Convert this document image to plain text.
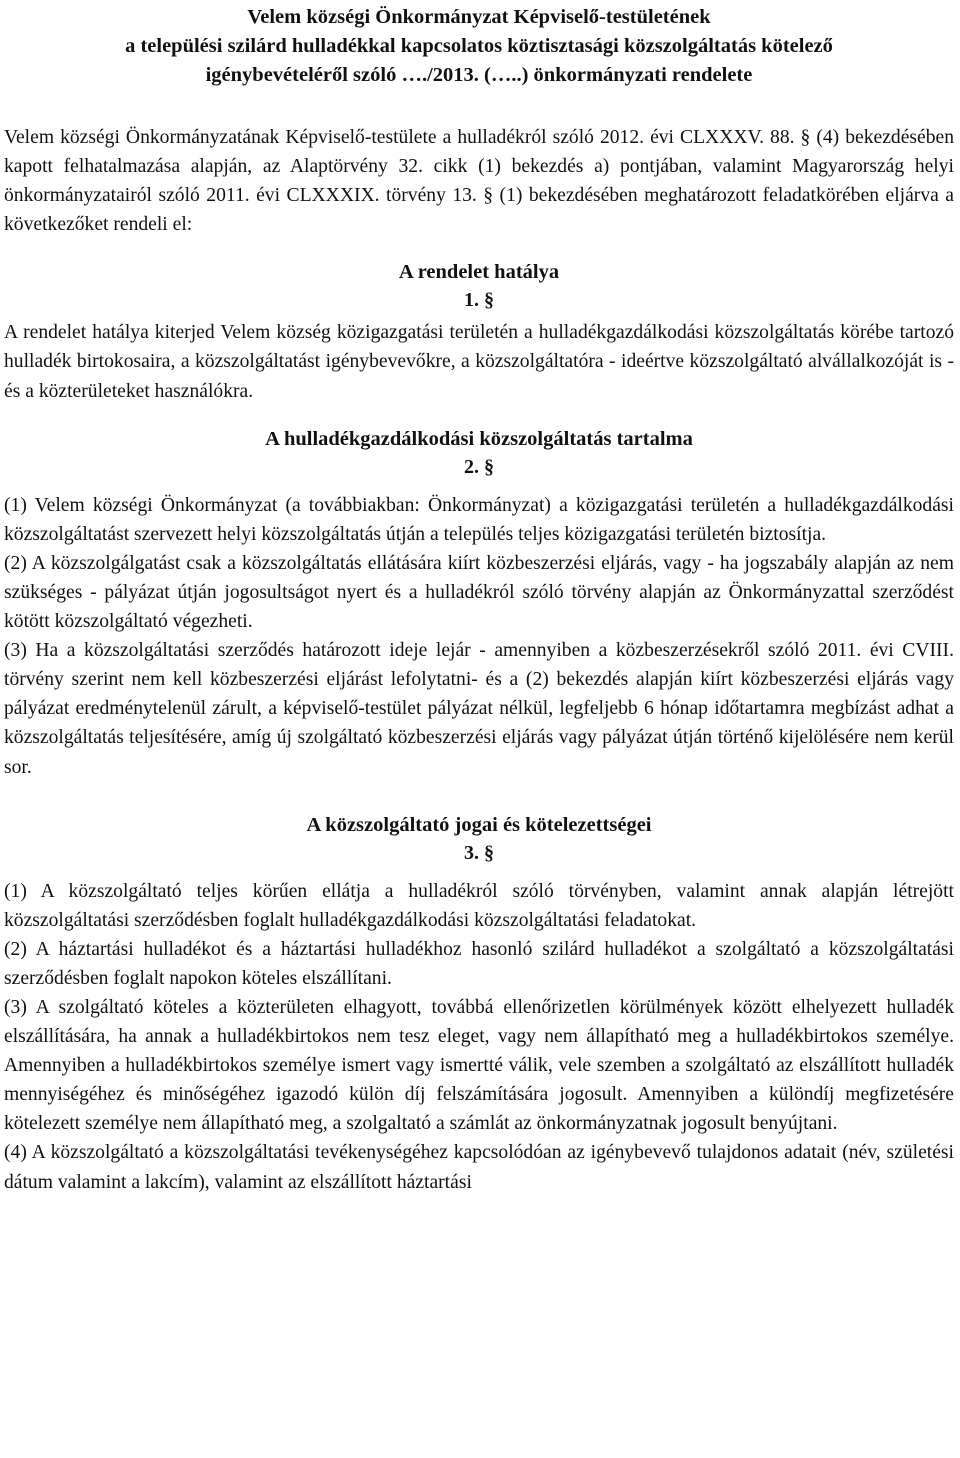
Velem községi Önkormányzat Képviselő-testületének

a települési szilárd hulladékkal kapcsolatos köztisztasági közszolgáltatás kötelező

igénybevételéről szóló …./2013. (…..) önkormányzati rendelete

Velem községi Önkormányzatának Képviselő-testülete a hulladékról szóló 2012. évi CLXXXV. 88. § (4) bekezdésében kapott felhatalmazása alapján, az Alaptörvény 32. cikk (1) bekezdés a) pontjában, valamint Magyarország helyi önkormányzatairól szóló 2011. évi CLXXXIX. törvény 13. § (1) bekezdésében meghatározott feladatkörében eljárva a következőket rendeli el:

A rendelet hatálya

1. §

A rendelet hatálya kiterjed Velem község közigazgatási területén a hulladékgazdálkodási közszolgáltatás körébe tartozó hulladék birtokosaira, a közszolgáltatást igénybevevőkre, a közszolgáltatóra - ideértve közszolgáltató alvállalkozóját is - és a közterületeket használókra.

A hulladékgazdálkodási közszolgáltatás tartalma

2. §

(1) Velem községi Önkormányzat (a továbbiakban: Önkormányzat) a közigazgatási területén a hulladékgazdálkodási közszolgáltatást szervezett helyi közszolgáltatás útján a település teljes közigazgatási területén biztosítja.

(2) A közszolgálgatást csak a közszolgáltatás ellátására kiírt közbeszerzési eljárás, vagy - ha jogszabály alapján az nem szükséges - pályázat útján jogosultságot nyert és a hulladékról szóló törvény alapján az Önkormányzattal szerződést kötött közszolgáltató végezheti.

(3) Ha a közszolgáltatási szerződés határozott ideje lejár - amennyiben a közbeszerzésekről szóló 2011. évi CVIII. törvény szerint nem kell közbeszerzési eljárást lefolytatni- és a (2) bekezdés alapján kiírt közbeszerzési eljárás vagy pályázat eredménytelenül zárult, a képviselő-testület pályázat nélkül, legfeljebb 6 hónap időtartamra megbízást adhat a közszolgáltatás teljesítésére, amíg új szolgáltató közbeszerzési eljárás vagy pályázat útján történő kijelölésére nem kerül sor.

A közszolgáltató jogai és kötelezettségei

3. §

(1) A közszolgáltató teljes körűen ellátja a hulladékról szóló törvényben, valamint annak alapján létrejött közszolgáltatási szerződésben foglalt hulladékgazdálkodási közszolgáltatási feladatokat.

(2) A háztartási hulladékot és a háztartási hulladékhoz hasonló szilárd hulladékot a szolgáltató a közszolgáltatási szerződésben foglalt napokon köteles elszállítani.

(3) A szolgáltató köteles a közterületen elhagyott, továbbá ellenőrizetlen körülmények között elhelyezett hulladék elszállítására, ha annak a hulladékbirtokos nem tesz eleget, vagy nem állapítható meg a hulladékbirtokos személye. Amennyiben a hulladékbirtokos személye ismert vagy ismertté válik, vele szemben a szolgáltató az elszállított hulladék mennyiségéhez és minőségéhez igazodó külön díj felszámítására jogosult. Amennyiben a különdíj megfizetésére kötelezett személye nem állapítható meg, a szolgaltató a számlát az önkormányzatnak jogosult benyújtani.

(4) A közszolgáltató a közszolgáltatási tevékenységéhez kapcsolódóan az igénybevevő tulajdonos adatait (név, születési dátum valamint a lakcím), valamint az elszállított háztartási
